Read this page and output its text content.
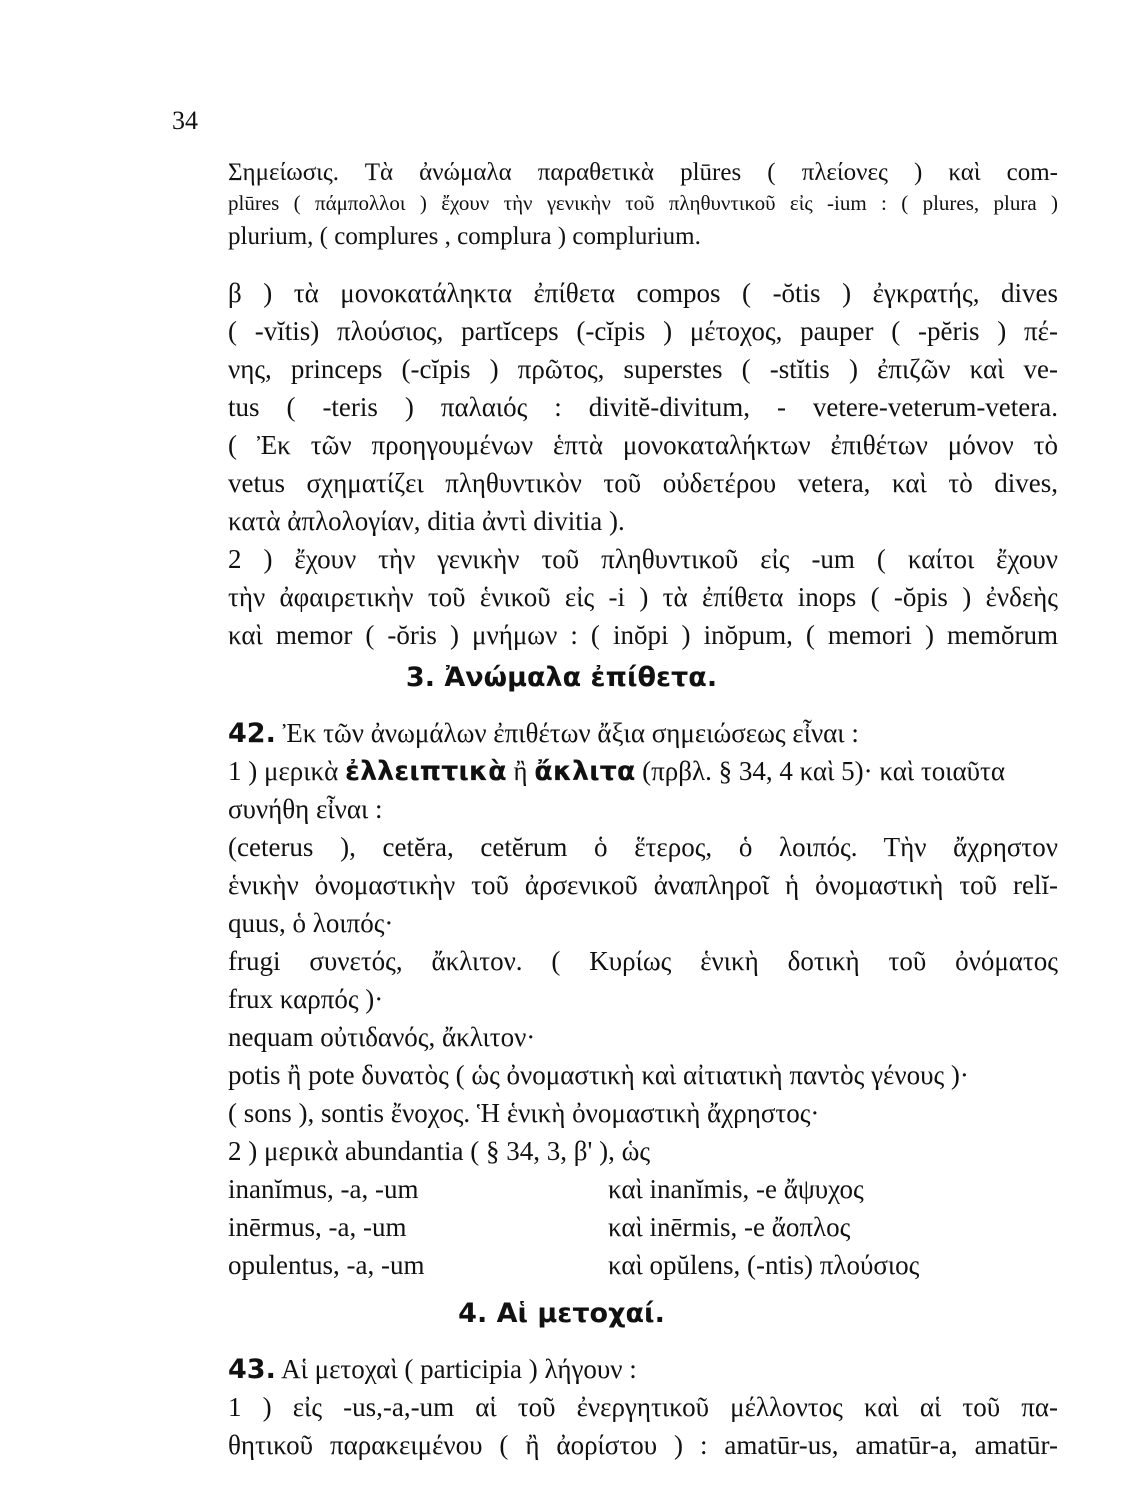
34
Σημείωσις. Τὰ ἀνώμαλα παραθετικὰ plūres ( πλείονες ) καὶ com-
plūres ( πάμπολλοι ) ἔχουν τὴν γενικὴν τοῦ πληθυντικοῦ εἰς -ium : ( plures, plura )
plurium, ( complures , complura ) complurium.
β ) τὰ μονοκατάληκτα ἐπίθετα compos ( -ŏtis ) ἐγκρατής, dives
( -vĭtis) πλούσιος, partĭceps (-cĭpis ) μέτοχος, pauper ( -pĕris ) πέ-
νης, princeps (-cĭpis ) πρῶτος, superstes ( -stĭtis ) ἐπιζῶν καὶ ve-
tus ( -teris ) παλαιός : divitĕ-divitum, - vetere-veterum-vetera.
( Ἐκ τῶν προηγουμένων ἑπτὰ μονοκαταλήκτων ἐπιθέτων μόνον τὸ
vetus σχηματίζει πληθυντικὸν τοῦ οὐδετέρου vetera, καὶ τὸ dives,
κατὰ ἀπλολογίαν, ditia ἀντὶ divitia ).
2 ) ἔχουν τὴν γενικὴν τοῦ πληθυντικοῦ εἰς -um ( καίτοι ἔχουν
τὴν ἀφαιρετικὴν τοῦ ἑνικοῦ εἰς -i ) τὰ ἐπίθετα inops ( -ŏpis ) ἐνδεὴς
καὶ memor ( -ŏris ) μνήμων : ( inŏpi ) inŏpum, ( memori ) memŏrum
3. Ἀνώμαλα ἐπίθετα.
42. Ἐκ τῶν ἀνωμάλων ἐπιθέτων ἄξια σημειώσεως εἶναι :
1 ) μερικὰ ἐλλειπτικὰ ἢ ἄκλιτα (πρβλ. § 34, 4 καὶ 5)· καὶ τοιαῦτα
συνήθη εἶναι :
(ceterus ), cetĕra, cetĕrum ὁ ἕτερος, ὁ λοιπός. Τὴν ἄχρηστον
ἑνικὴν ὀνομαστικὴν τοῦ ἀρσενικοῦ ἀναπληροῖ ἡ ὀνομαστικὴ τοῦ relĭ-
quus, ὁ λοιπός·
frugi συνετός, ἄκλιτον. ( Κυρίως ἑνικὴ δοτικὴ τοῦ ὀνόματος
frux καρπός )·
nequam οὐτιδανός, ἄκλιτον·
potis ἢ pote δυνατὸς ( ὡς ὀνομαστικὴ καὶ αἰτιατικὴ παντὸς γένους )·
( sons ), sontis ἔνοχος. Ἡ ἑνικὴ ὀνομαστικὴ ἄχρηστος·
2 ) μερικὰ abundantia ( § 34, 3, β' ), ὡς
inanĭmus, -a, -um	καὶ inanĭmis, -e ἄψυχος
inērmus, -a, -um	καὶ inērmis, -e ἄοπλος
opulentus, -a, -um	καὶ opŭlens, (-ntis) πλούσιος
4. Αἱ μετοχαί.
43. Αἱ μετοχαὶ ( participia ) λήγουν :
1 ) εἰς -us,-a,-um αἱ τοῦ ἐνεργητικοῦ μέλλοντος καὶ αἱ τοῦ πα-
θητικοῦ παρακειμένου ( ἢ ἀορίστου ) : amatūr-us, amatūr-a, amatūr-
